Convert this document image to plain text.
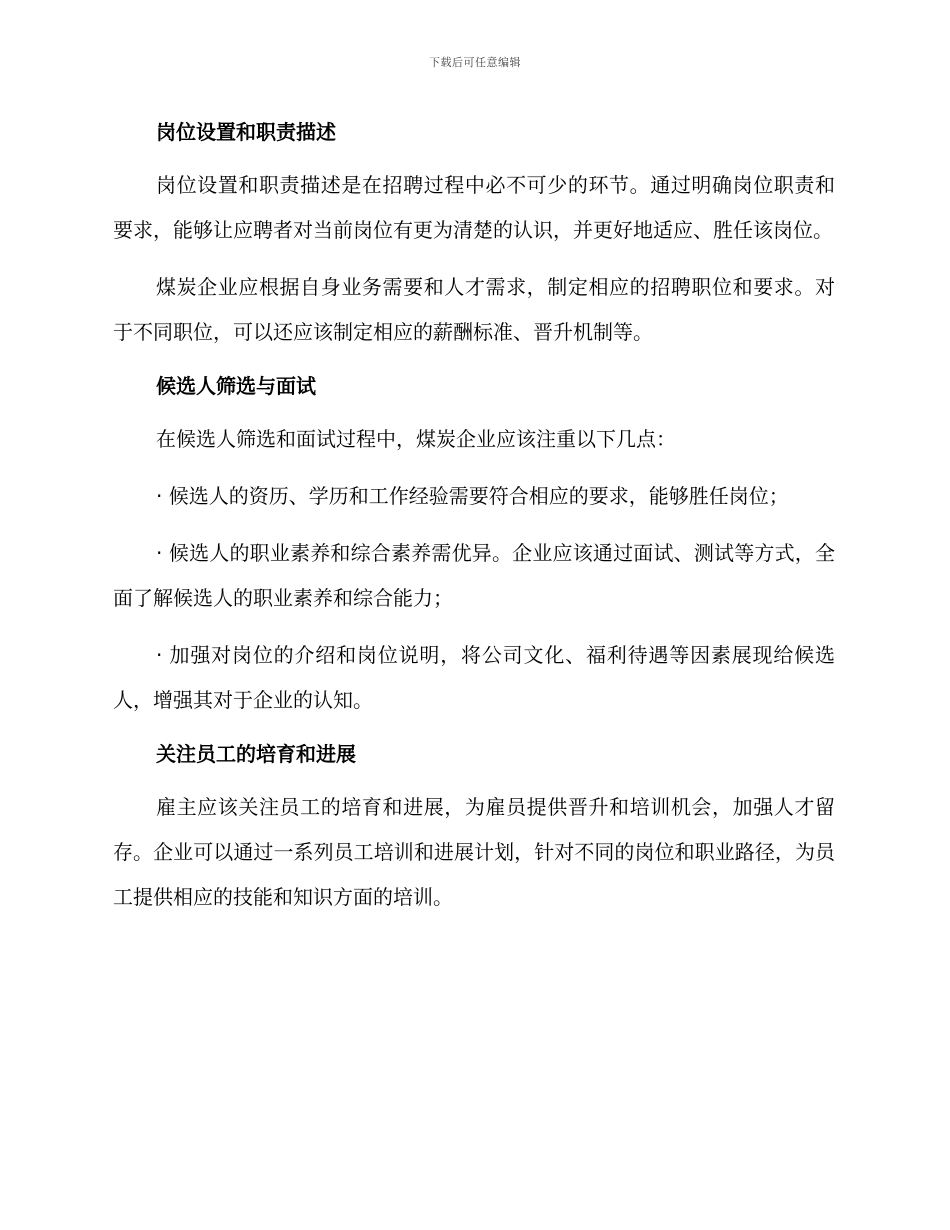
下载后可任意编辑
岗位设置和职责描述

岗位设置和职责描述是在招聘过程中必不可少的环节。通过明确岗位职责和要求，能够让应聘者对当前岗位有更为清楚的认识，并更好地适应、胜任该岗位。

煤炭企业应根据自身业务需要和人才需求，制定相应的招聘职位和要求。对于不同职位，可以还应该制定相应的薪酬标准、晋升机制等。

候选人筛选与面试

在候选人筛选和面试过程中，煤炭企业应该注重以下几点：

· 候选人的资历、学历和工作经验需要符合相应的要求，能够胜任岗位；

· 候选人的职业素养和综合素养需优异。企业应该通过面试、测试等方式，全面了解候选人的职业素养和综合能力；

· 加强对岗位的介绍和岗位说明，将公司文化、福利待遇等因素展现给候选人，增强其对于企业的认知。

关注员工的培育和进展

雇主应该关注员工的培育和进展，为雇员提供晋升和培训机会，加强人才留存。企业可以通过一系列员工培训和进展计划，针对不同的岗位和职业路径，为员工提供相应的技能和知识方面的培训。
